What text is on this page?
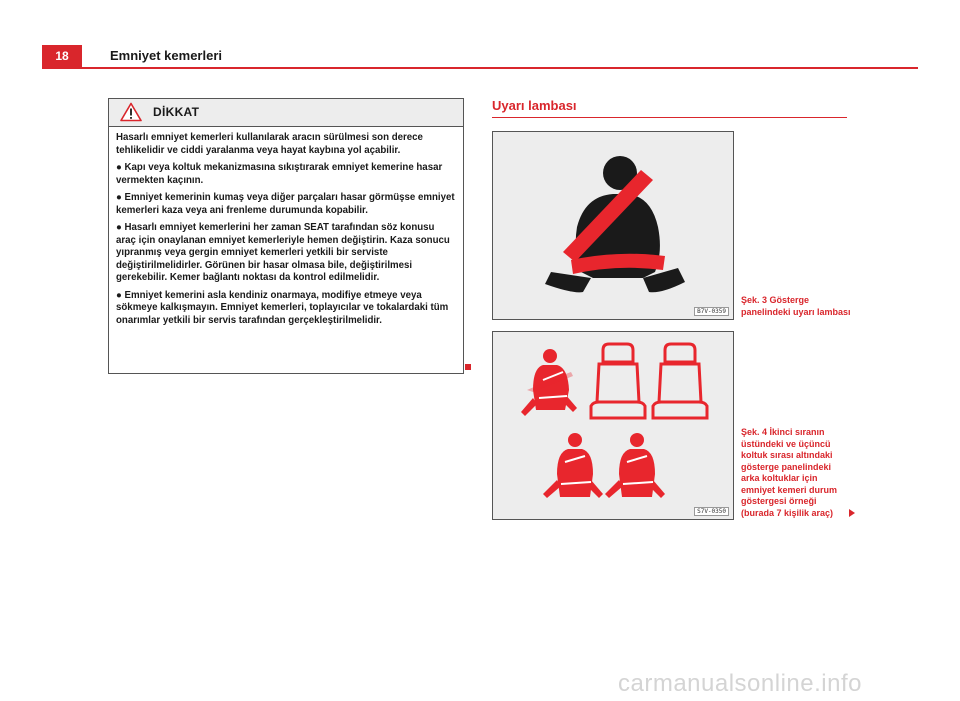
18	Emniyet kemerleri
DİKKAT

Hasarlı emniyet kemerleri kullanılarak aracın sürülmesi son derece tehlikelidir ve ciddi yaralanma veya hayat kaybına yol açabilir.

● Kapı veya koltuk mekanizmasına sıkıştırarak emniyet kemerine hasar vermekten kaçının.

● Emniyet kemerinin kumaş veya diğer parçaları hasar görmüşse emniyet kemerleri kaza veya ani frenleme durumunda kopabilir.

● Hasarlı emniyet kemerlerini her zaman SEAT tarafından söz konusu araç için onaylanan emniyet kemerleriyle hemen değiştirin. Kaza sonucu yıpranmış veya gergin emniyet kemerleri yetkili bir serviste değiştirilmelidirler. Görünen bir hasar olmasa bile, değiştirilmesi gerekebilir. Kemer bağlantı noktası da kontrol edilmelidir.

● Emniyet kemerini asla kendiniz onarmaya, modifiye etmeye veya sökmeye kalkışmayın. Emniyet kemerleri, toplayıcılar ve tokalardaki tüm onarımlar yetkili bir servis tarafından gerçekleştirilmelidir.

Uyarı lambası
B7V-0359
Şek. 3 Gösterge panelindeki uyarı lambası
S7V-0350
Şek. 4 İkinci sıranın üstündeki ve üçüncü koltuk sırası altındaki gösterge panelindeki arka koltuklar için emniyet kemeri durum göstergesi örneği (burada 7 kişilik araç)
carmanualsonline.info
